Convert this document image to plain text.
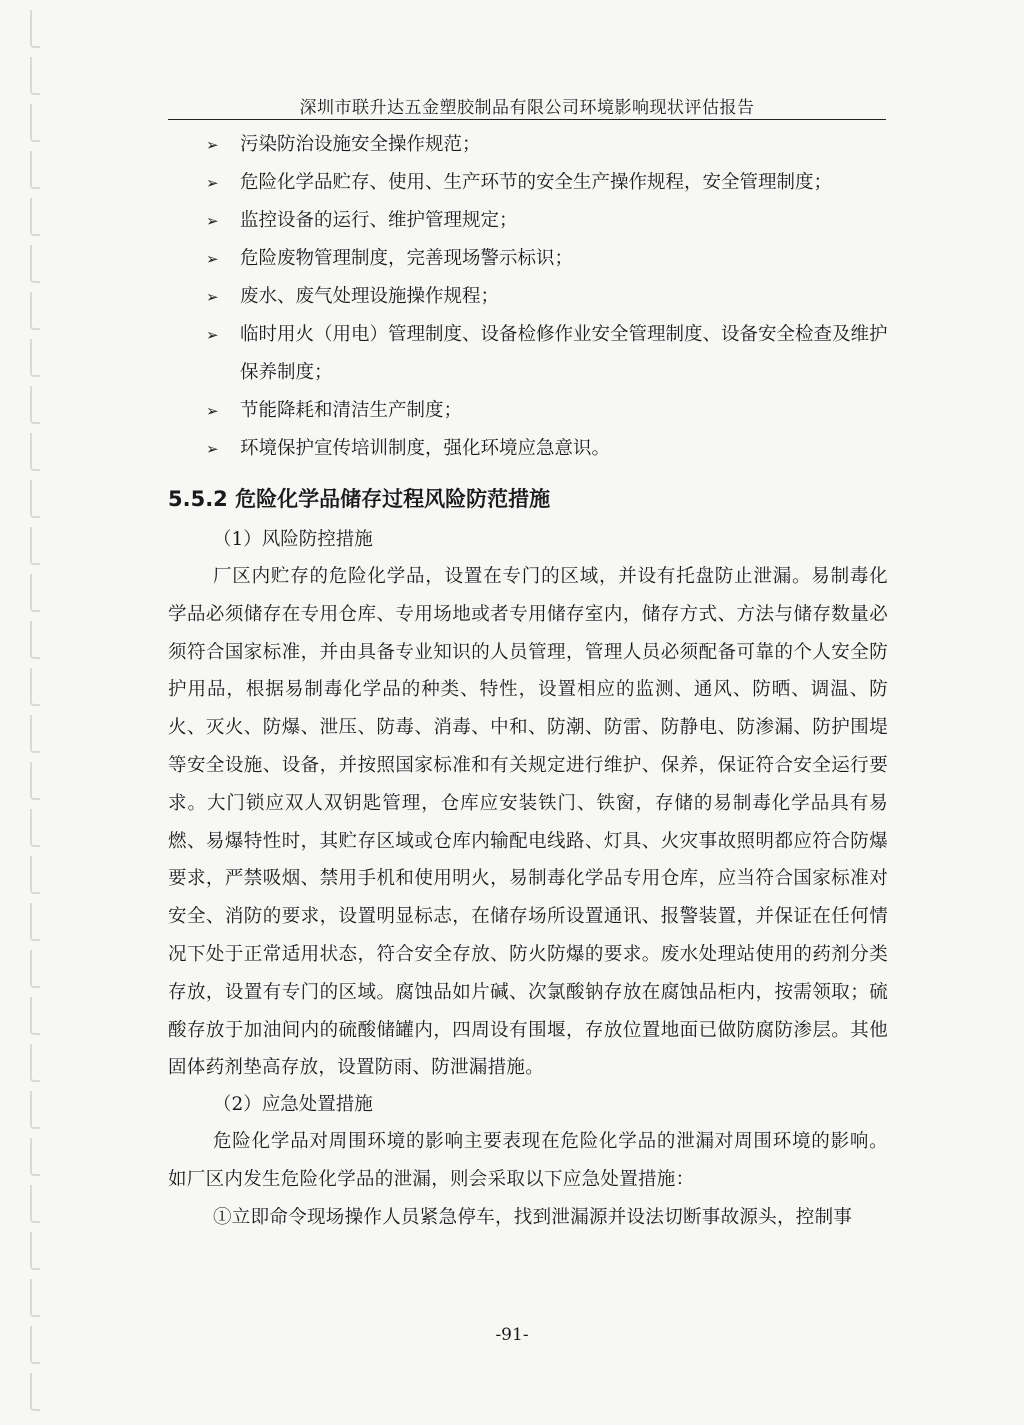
深圳市联升达五金塑胶制品有限公司环境影响现状评估报告
➢ 污染防治设施安全操作规范；
➢ 危险化学品贮存、使用、生产环节的安全生产操作规程，安全管理制度；
➢ 监控设备的运行、维护管理规定；
➢ 危险废物管理制度，完善现场警示标识；
➢ 废水、废气处理设施操作规程；
➢ 临时用火（用电）管理制度、设备检修作业安全管理制度、设备安全检查及维护保养制度；
➢ 节能降耗和清洁生产制度；
➢ 环境保护宣传培训制度，强化环境应急意识。
5.5.2 危险化学品储存过程风险防范措施
（1）风险防控措施
厂区内贮存的危险化学品，设置在专门的区域，并设有托盘防止泄漏。易制毒化学品必须储存在专用仓库、专用场地或者专用储存室内，储存方式、方法与储存数量必须符合国家标准，并由具备专业知识的人员管理，管理人员必须配备可靠的个人安全防护用品，根据易制毒化学品的种类、特性，设置相应的监测、通风、防晒、调温、防火、灭火、防爆、泄压、防毒、消毒、中和、防潮、防雷、防静电、防渗漏、防护围堤等安全设施、设备，并按照国家标准和有关规定进行维护、保养，保证符合安全运行要求。大门锁应双人双钥匙管理，仓库应安装铁门、铁窗，存储的易制毒化学品具有易燃、易爆特性时，其贮存区域或仓库内输配电线路、灯具、火灾事故照明都应符合防爆要求，严禁吸烟、禁用手机和使用明火，易制毒化学品专用仓库，应当符合国家标准对安全、消防的要求，设置明显标志，在储存场所设置通讯、报警装置，并保证在任何情况下处于正常适用状态，符合安全存放、防火防爆的要求。废水处理站使用的药剂分类存放，设置有专门的区域。腐蚀品如片碱、次氯酸钠存放在腐蚀品柜内，按需领取；硫酸存放于加油间内的硫酸储罐内，四周设有围堰，存放位置地面已做防腐防渗层。其他固体药剂垫高存放，设置防雨、防泄漏措施。
（2）应急处置措施
危险化学品对周围环境的影响主要表现在危险化学品的泄漏对周围环境的影响。如厂区内发生危险化学品的泄漏，则会采取以下应急处置措施：
①立即命令现场操作人员紧急停车，找到泄漏源并设法切断事故源头，控制事
-91-
